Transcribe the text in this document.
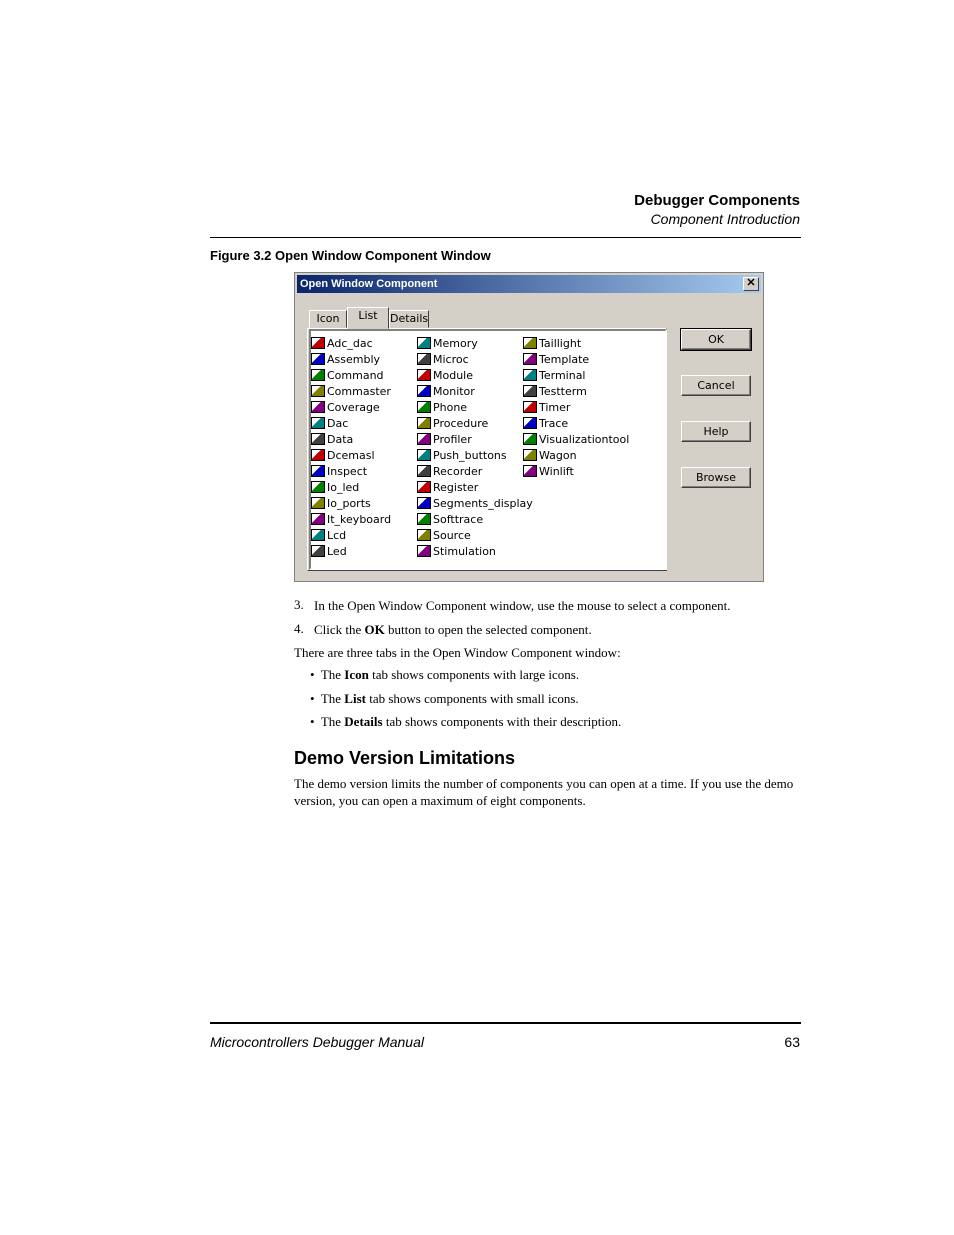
Debugger Components
Component Introduction
Figure 3.2 Open Window Component Window
Open Window Component	✕
Icon	List	Details
Adc_dac
Assembly
Command
Commaster
Coverage
Dac
Data
Dcemasl
Inspect
Io_led
Io_ports
It_keyboard
Lcd
Led
Memory
Microc
Module
Monitor
Phone
Procedure
Profiler
Push_buttons
Recorder
Register
Segments_display
Softtrace
Source
Stimulation
Taillight
Template
Terminal
Testterm
Timer
Trace
Visualizationtool
Wagon
Winlift
OK
Cancel
Help
Browse
3. In the Open Window Component window, use the mouse to select a component.
4. Click the OK button to open the selected component.
There are three tabs in the Open Window Component window:
•  The Icon tab shows components with large icons.
•  The List tab shows components with small icons.
•  The Details tab shows components with their description.
Demo Version Limitations
The demo version limits the number of components you can open at a time. If you use the demo version, you can open a maximum of eight components.
Microcontrollers Debugger Manual	63
